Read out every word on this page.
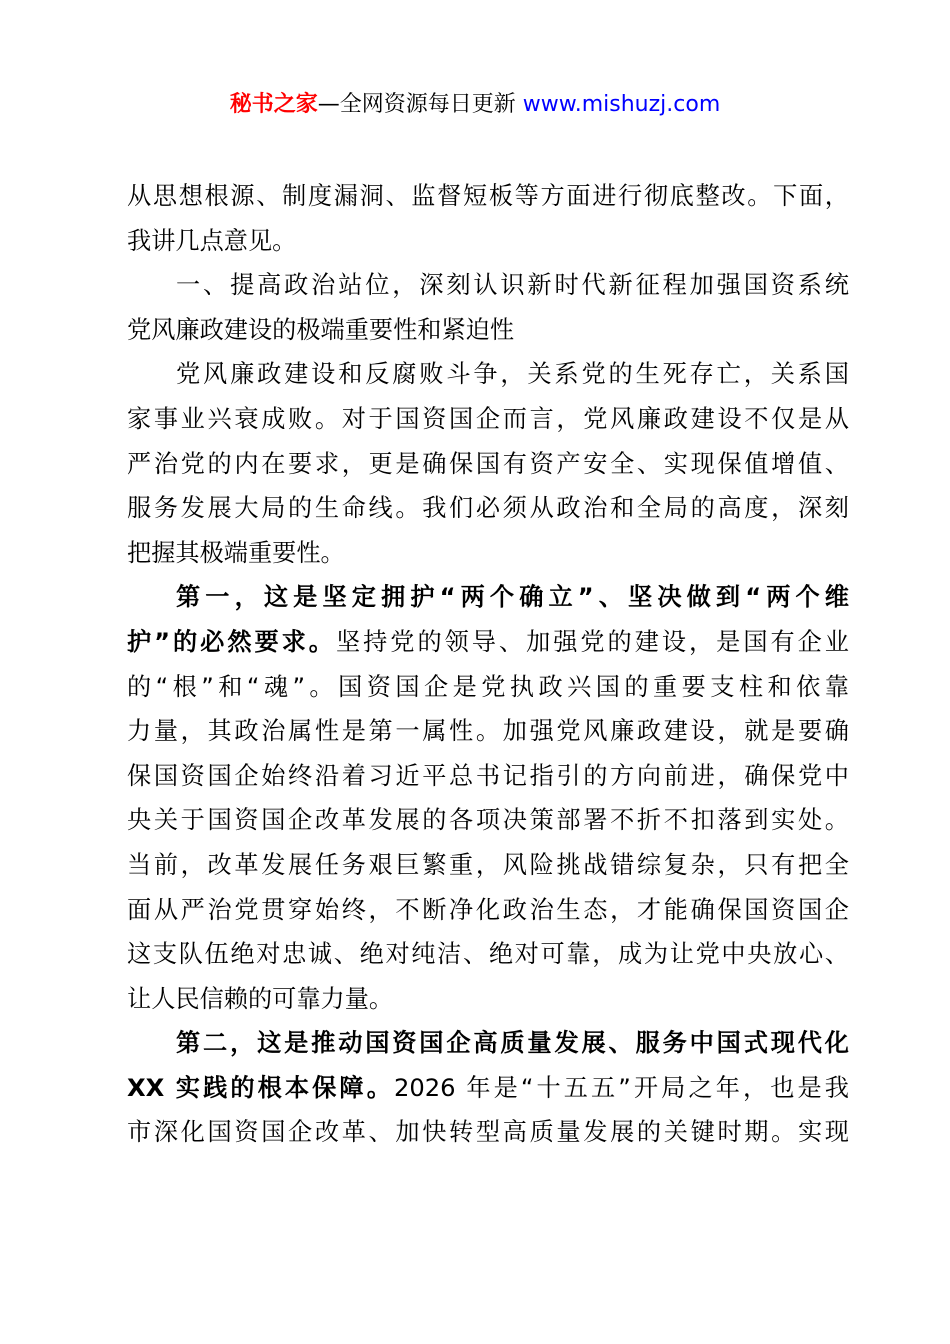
秘书之家—全网资源每日更新 www.mishuzj.com
从思想根源、制度漏洞、监督短板等方面进行彻底整改。下面，
我讲几点意见。
一、提高政治站位，深刻认识新时代新征程加强国资系统
党风廉政建设的极端重要性和紧迫性
党风廉政建设和反腐败斗争，关系党的生死存亡，关系国
家事业兴衰成败。对于国资国企而言，党风廉政建设不仅是从
严治党的内在要求，更是确保国有资产安全、实现保值增值、
服务发展大局的生命线。我们必须从政治和全局的高度，深刻
把握其极端重要性。
第一，这是坚定拥护“两个确立”、坚决做到“两个维
护”的必然要求。坚持党的领导、加强党的建设，是国有企业
的“根”和“魂”。国资国企是党执政兴国的重要支柱和依靠
力量，其政治属性是第一属性。加强党风廉政建设，就是要确
保国资国企始终沿着习近平总书记指引的方向前进，确保党中
央关于国资国企改革发展的各项决策部署不折不扣落到实处。
当前，改革发展任务艰巨繁重，风险挑战错综复杂，只有把全
面从严治党贯穿始终，不断净化政治生态，才能确保国资国企
这支队伍绝对忠诚、绝对纯洁、绝对可靠，成为让党中央放心、
让人民信赖的可靠力量。
第二，这是推动国资国企高质量发展、服务中国式现代化
XX 实践的根本保障。2026 年是“十五五”开局之年，也是我
市深化国资国企改革、加快转型高质量发展的关键时期。实现
